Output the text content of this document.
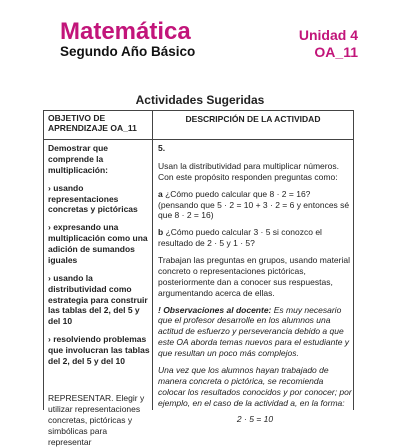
Matemática
Segundo Año Básico
Unidad 4
OA_11
Actividades Sugeridas
OBJETIVO DE APRENDIZAJE OA_11
DESCRIPCIÓN DE LA ACTIVIDAD

Demostrar que comprende la multiplicación:

› usando representaciones concretas y pictóricas

› expresando una multiplicación como una adición de sumandos iguales

› usando la distributividad como estrategia para construir las tablas del 2, del 5 y del 10

› resolviendo problemas que involucran las tablas del 2, del 5 y del 10

REPRESENTAR. Elegir y utilizar representaciones concretas, pictóricas y simbólicas para representar

5.

Usan la distributividad para multiplicar números. Con este propósito responden preguntas como:

a ¿Cómo puedo calcular que 8 · 2 = 16? (pensando que 5 · 2 = 10 + 3 · 2 = 6 y entonces sé que 8 · 2 = 16)

b ¿Cómo puedo calcular 3 · 5 si conozco el resultado de 2 · 5 y 1 · 5?

Trabajan las preguntas en grupos, usando material concreto o representaciones pictóricas, posteriormente dan a conocer sus respuestas, argumentando acerca de ellas.

! Observaciones al docente: Es muy necesario que el profesor desarrolle en los alumnos una actitud de esfuerzo y perseverancia debido a que este OA aborda temas nuevos para el estudiante y que resultan un poco más complejos.

Una vez que los alumnos hayan trabajado de manera concreta o pictórica, se recomienda colocar los resultados conocidos y por conocer; por ejemplo, en el caso de la actividad a, en la forma:

2 · 5 = 10
